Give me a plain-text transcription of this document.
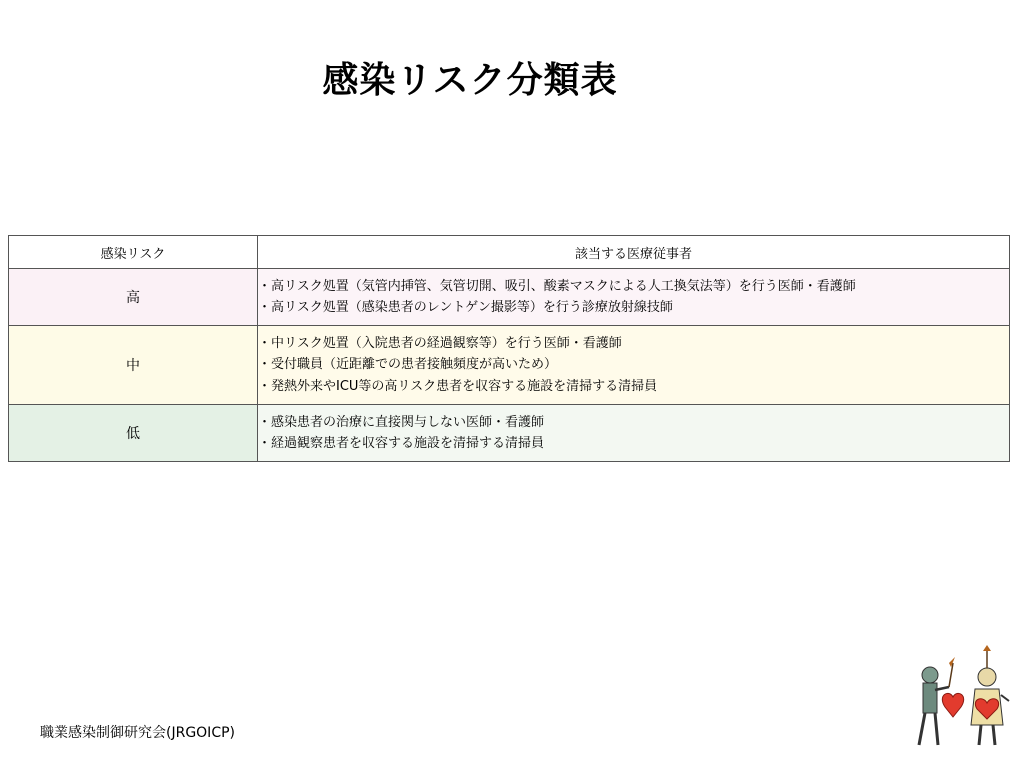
感染リスク分類表
感染リスク	該当する医療従事者
高	・高リスク処置（気管内挿管、気管切開、吸引、酸素マスクによる人工換気法等）を行う医師・看護師
・高リスク処置（感染患者のレントゲン撮影等）を行う診療放射線技師

中	・中リスク処置（入院患者の経過観察等）を行う医師・看護師
・受付職員（近距離での患者接触頻度が高いため）
・発熱外来やICU等の高リスク患者を収容する施設を清掃する清掃員

低	・感染患者の治療に直接関与しない医師・看護師
・経過観察患者を収容する施設を清掃する清掃員
職業感染制御研究会(JRGOICP)
